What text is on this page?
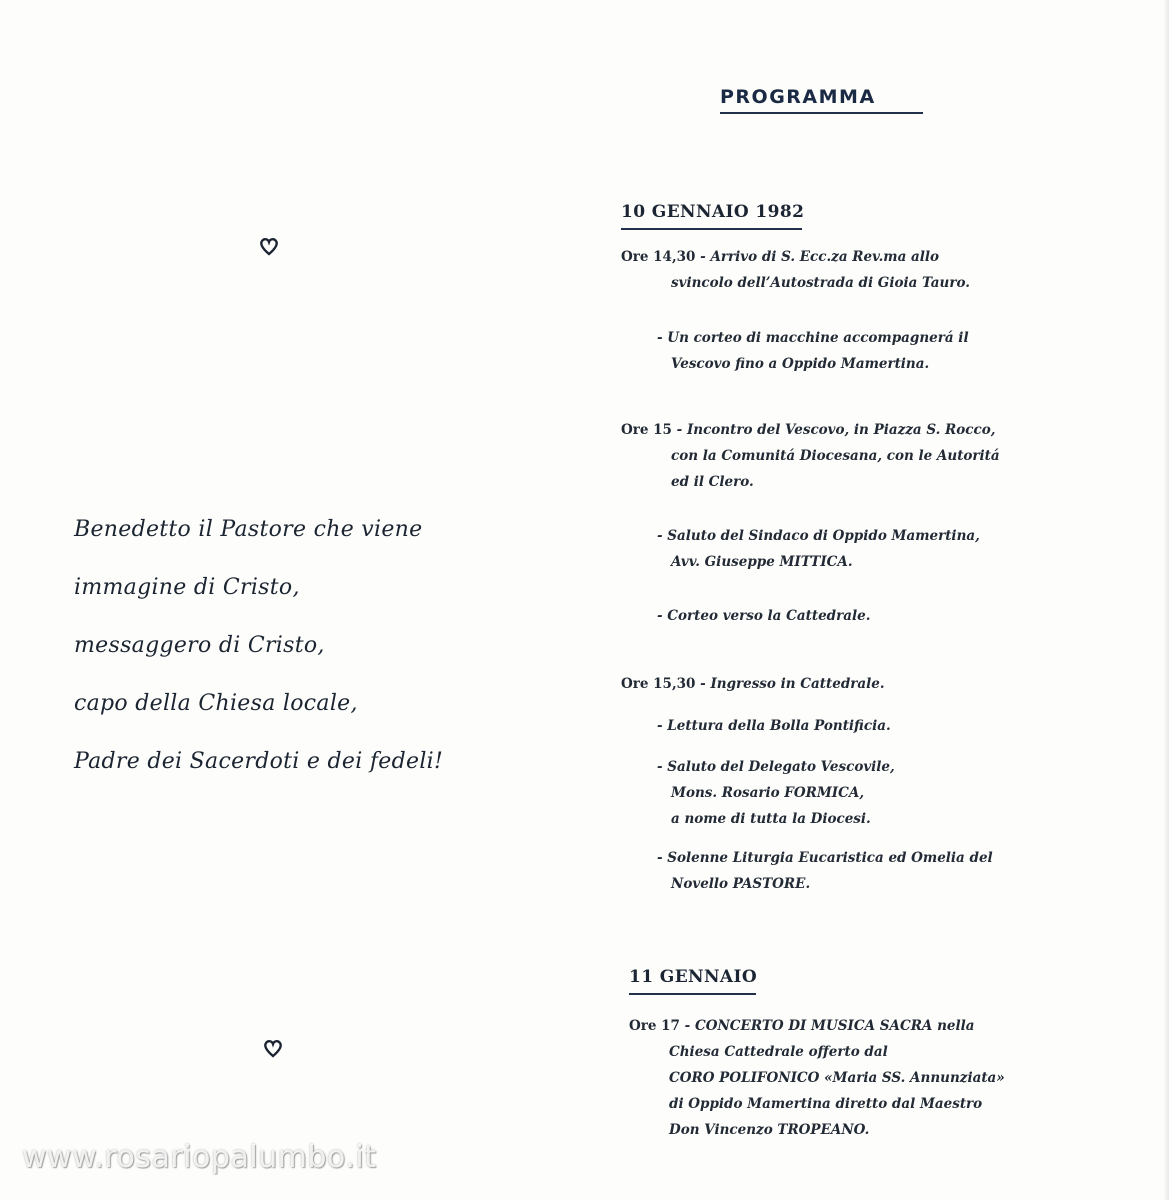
Benedetto il Pastore che viene
immagine di Cristo,
messaggero di Cristo,
capo della Chiesa locale,
Padre dei Sacerdoti e dei fedeli!
PROGRAMMA
10 GENNAIO 1982
Ore 14,30 - Arrivo di S. Ecc.za Rev.ma allo
svincolo dell’Autostrada di Gioia Tauro.
- Un corteo di macchine accompagnerá il
Vescovo fino a Oppido Mamertina.
Ore 15 - Incontro del Vescovo, in Piazza S. Rocco,
con la Comunitá Diocesana, con le Autoritá
ed il Clero.
- Saluto del Sindaco di Oppido Mamertina,
Avv. Giuseppe MITTICA.
- Corteo verso la Cattedrale.
Ore 15,30 - Ingresso in Cattedrale.
- Lettura della Bolla Pontificia.
- Saluto del Delegato Vescovile,
Mons. Rosario FORMICA,
a nome di tutta la Diocesi.
- Solenne Liturgia Eucaristica ed Omelia del
Novello PASTORE.
11 GENNAIO
Ore 17 - CONCERTO DI MUSICA SACRA nella
Chiesa Cattedrale offerto dal
CORO POLIFONICO «Maria SS. Annunziata»
di Oppido Mamertina diretto dal Maestro
Don Vincenzo TROPEANO.
www.rosariopalumbo.it
